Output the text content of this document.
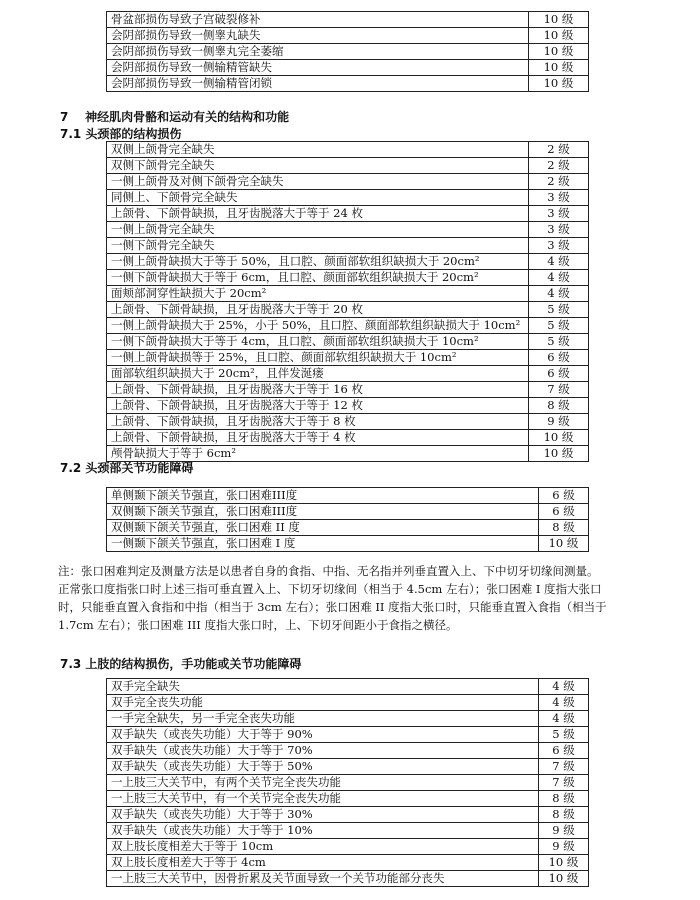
骨盆部损伤导致子宫破裂修补	10 级
会阴部损伤导致一侧睾丸缺失	10 级
会阴部损伤导致一侧睾丸完全萎缩	10 级
会阴部损伤导致一侧输精管缺失	10 级
会阴部损伤导致一侧输精管闭锁	10 级
7 神经肌肉骨骼和运动有关的结构和功能
7.1 头颈部的结构损伤
双侧上颌骨完全缺失	2 级
双侧下颌骨完全缺失	2 级
一侧上颌骨及对侧下颌骨完全缺失	2 级
同侧上、下颌骨完全缺失	3 级
上颌骨、下颌骨缺损，且牙齿脱落大于等于 24 枚	3 级
一侧上颌骨完全缺失	3 级
一侧下颌骨完全缺失	3 级
一侧上颌骨缺损大于等于 50%，且口腔、颜面部软组织缺损大于 20cm²	4 级
一侧下颌骨缺损大于等于 6cm，且口腔、颜面部软组织缺损大于 20cm²	4 级
面颊部洞穿性缺损大于 20cm²	4 级
上颌骨、下颌骨缺损，且牙齿脱落大于等于 20 枚	5 级
一侧上颌骨缺损大于 25%，小于 50%，且口腔、颜面部软组织缺损大于 10cm²	5 级
一侧下颌骨缺损大于等于 4cm，且口腔、颜面部软组织缺损大于 10cm²	5 级
一侧上颌骨缺损等于 25%，且口腔、颜面部软组织缺损大于 10cm²	6 级
面部软组织缺损大于 20cm²，且伴发涎瘘	6 级
上颌骨、下颌骨缺损，且牙齿脱落大于等于 16 枚	7 级
上颌骨、下颌骨缺损，且牙齿脱落大于等于 12 枚	8 级
上颌骨、下颌骨缺损，且牙齿脱落大于等于 8 枚	9 级
上颌骨、下颌骨缺损，且牙齿脱落大于等于 4 枚	10 级
颅骨缺损大于等于 6cm²	10 级
7.2 头颈部关节功能障碍
单侧颞下颌关节强直，张口困难III度	6 级
双侧颞下颌关节强直，张口困难III度	6 级
双侧颞下颌关节强直，张口困难 II 度	8 级
一侧颞下颌关节强直，张口困难 I 度	10 级

注：张口困难判定及测量方法是以患者自身的食指、中指、无名指并列垂直置入上、下中切牙切缘间测量。

正常张口度指张口时上述三指可垂直置入上、下切牙切缘间（相当于 4.5cm 左右）；张口困难 I 度指大张口

时，只能垂直置入食指和中指（相当于 3cm 左右）；张口困难 II 度指大张口时，只能垂直置入食指（相当于

1.7cm 左右）；张口困难 III 度指大张口时，上、下切牙间距小于食指之横径。

7.3 上肢的结构损伤，手功能或关节功能障碍
双手完全缺失	4 级
双手完全丧失功能	4 级
一手完全缺失，另一手完全丧失功能	4 级
双手缺失（或丧失功能）大于等于 90%	5 级
双手缺失（或丧失功能）大于等于 70%	6 级
双手缺失（或丧失功能）大于等于 50%	7 级
一上肢三大关节中，有两个关节完全丧失功能	7 级
一上肢三大关节中，有一个关节完全丧失功能	8 级
双手缺失（或丧失功能）大于等于 30%	8 级
双手缺失（或丧失功能）大于等于 10%	9 级
双上肢长度相差大于等于 10cm	9 级
双上肢长度相差大于等于 4cm	10 级
一上肢三大关节中，因骨折累及关节面导致一个关节功能部分丧失	10 级
